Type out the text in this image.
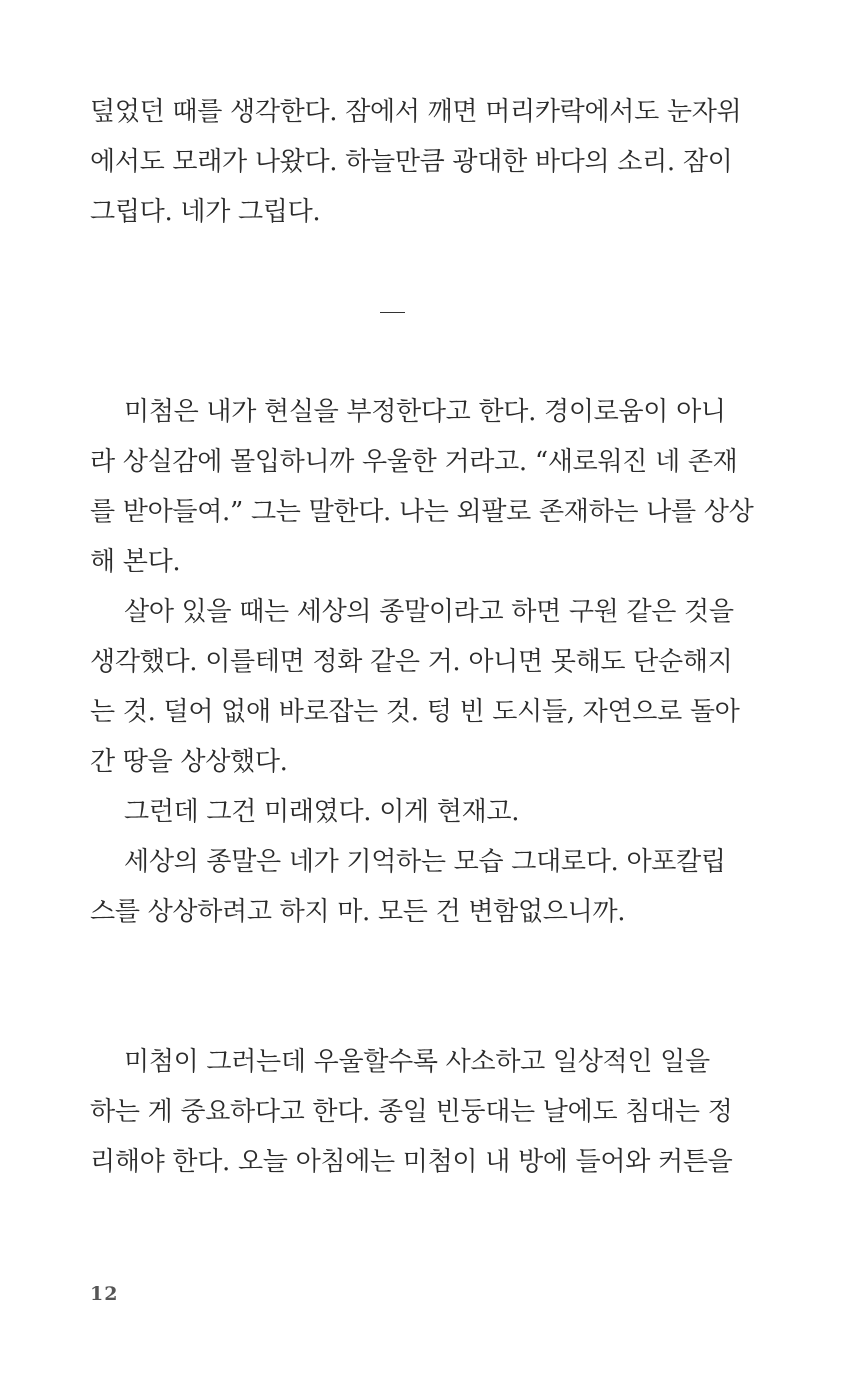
덮었던 때를 생각한다. 잠에서 깨면 머리카락에서도 눈자위
에서도 모래가 나왔다. 하늘만큼 광대한 바다의 소리. 잠이
그립다. 네가 그립다.
미첨은 내가 현실을 부정한다고 한다. 경이로움이 아니
라 상실감에 몰입하니까 우울한 거라고. “새로워진 네 존재
를 받아들여.” 그는 말한다. 나는 외팔로 존재하는 나를 상상
해 본다.
살아 있을 때는 세상의 종말이라고 하면 구원 같은 것을
생각했다. 이를테면 정화 같은 거. 아니면 못해도 단순해지
는 것. 덜어 없애 바로잡는 것. 텅 빈 도시들, 자연으로 돌아
간 땅을 상상했다.
그런데 그건 미래였다. 이게 현재고.
세상의 종말은 네가 기억하는 모습 그대로다. 아포칼립
스를 상상하려고 하지 마. 모든 건 변함없으니까.
미첨이 그러는데 우울할수록 사소하고 일상적인 일을
하는 게 중요하다고 한다. 종일 빈둥대는 날에도 침대는 정
리해야 한다. 오늘 아침에는 미첨이 내 방에 들어와 커튼을
12
